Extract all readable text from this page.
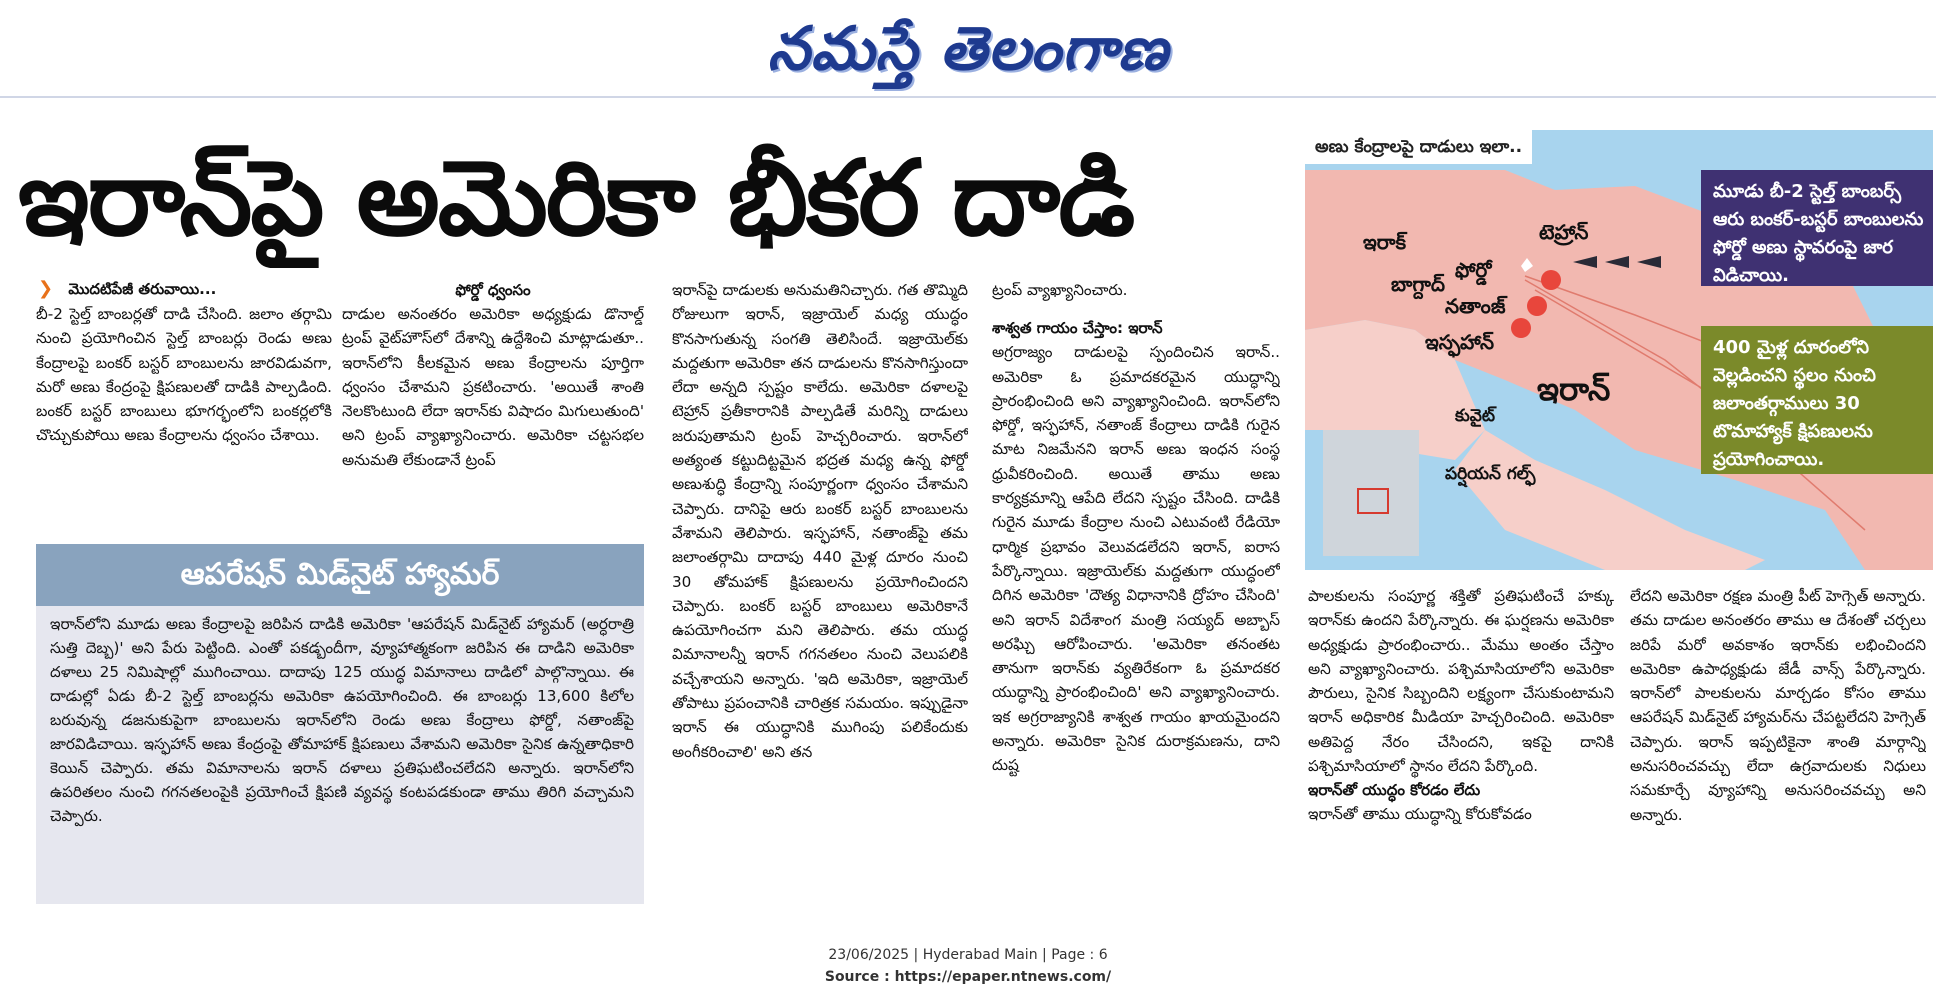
నమస్తే తెలంగాణ
ఇరాన్‌పై అమెరికా భీకర దాడి
❯ మొదటిపేజీ తరువాయి...

బీ-2 స్టెల్త్ బాంబర్లతో దాడి చేసింది. జలాం తర్గామి నుంచి ప్రయోగించిన స్టెల్త్ బాంబర్లు రెండు అణు కేంద్రాలపై బంకర్ బస్టర్ బాంబులను జారవిడువగా, మరో అణు కేంద్రంపై క్షిపణులతో దాడికి పాల్పడింది. బంకర్ బస్టర్ బాంబులు భూగర్భంలోని బంకర్లలోకి చొచ్చుకుపోయి అణు కేంద్రాలను ధ్వంసం చేశాయి.

ఫోర్డో ధ్వంసం

దాడుల అనంతరం అమెరికా అధ్యక్షుడు డొనాల్డ్ ట్రంప్ వైట్‌హౌస్‌లో దేశాన్ని ఉద్దేశించి మాట్లాడుతూ.. ఇరాన్‌లోని కీలకమైన అణు కేంద్రాలను పూర్తిగా ధ్వంసం చేశామని ప్రకటించారు. 'అయితే శాంతి నెలకొంటుంది లేదా ఇరాన్‌కు విషాదం మిగులుతుంది' అని ట్రంప్ వ్యాఖ్యానించారు. అమెరికా చట్టసభల అనుమతి లేకుండానే ట్రంప్

ఆపరేషన్ మిడ్‌నైట్ హ్యామర్
ఇరాన్‌లోని మూడు అణు కేంద్రాలపై జరిపిన దాడికి అమెరికా 'ఆపరేషన్ మిడ్‌నైట్ హ్యామర్ (అర్ధరాత్రి సుత్తి దెబ్బ)' అని పేరు పెట్టింది. ఎంతో పకడ్బందీగా, వ్యూహాత్మకంగా జరిపిన ఈ దాడిని అమెరికా దళాలు 25 నిమిషాల్లో ముగించాయి. దాదాపు 125 యుద్ధ విమానాలు దాడిలో పాల్గొన్నాయి. ఈ దాడుల్లో ఏడు బీ-2 స్టెల్త్ బాంబర్లను అమెరికా ఉపయోగించింది. ఈ బాంబర్లు 13,600 కిలోల బరువున్న డజనుకుపైగా బాంబులను ఇరాన్‌లోని రెండు అణు కేంద్రాలు ఫోర్డో, నతాంజ్‌పై జారవిడిచాయి. ఇస్ఫహాన్ అణు కేంద్రంపై తోమాహాక్ క్షిపణులు వేశామని అమెరికా సైనిక ఉన్నతాధికారి కెయిన్ చెప్పారు. తమ విమానాలను ఇరాన్ దళాలు ప్రతిఘటించలేదని అన్నారు. ఇరాన్‌లోని ఉపరితలం నుంచి గగనతలంపైకి ప్రయోగించే క్షిపణి వ్యవస్థ కంటపడకుండా తాము తిరిగి వచ్చామని చెప్పారు.

ఇరాన్‌పై దాడులకు అనుమతినిచ్చారు. గత తొమ్మిది రోజులుగా ఇరాన్, ఇజ్రాయెల్ మధ్య యుద్ధం కొనసాగుతున్న సంగతి తెలిసిందే. ఇజ్రాయెల్‌కు మద్దతుగా అమెరికా తన దాడులను కొనసాగిస్తుందా లేదా అన్నది స్పష్టం కాలేదు. అమెరికా దళాలపై టెహ్రాన్ ప్రతీకారానికి పాల్పడితే మరిన్ని దాడులు జరుపుతామని ట్రంప్ హెచ్చరించారు. ఇరాన్‌లో అత్యంత కట్టుదిట్టమైన భద్రత మధ్య ఉన్న ఫోర్డో అణుశుద్ధి కేంద్రాన్ని సంపూర్ణంగా ధ్వంసం చేశామని చెప్పారు. దానిపై ఆరు బంకర్ బస్టర్ బాంబులను వేశామని తెలిపారు. ఇస్ఫహాన్, నతాంజ్‌పై తమ జలాంతర్గామి దాదాపు 440 మైళ్ల దూరం నుంచి 30 తోమహాక్ క్షిపణులను ప్రయోగించిందని చెప్పారు. బంకర్ బస్టర్ బాంబులు అమెరికానే ఉపయోగించగా మని తెలిపారు. తమ యుద్ధ విమానాలన్నీ ఇరాన్ గగనతలం నుంచి వెలుపలికి వచ్చేశాయని అన్నారు. 'ఇది అమెరికా, ఇజ్రాయెల్ తోపాటు ప్రపంచానికి చారిత్రక సమయం. ఇప్పుడైనా ఇరాన్ ఈ యుద్ధానికి ముగింపు పలికేందుకు అంగీకరించాలి' అని తన

ట్రంప్ వ్యాఖ్యానించారు.

శాశ్వత గాయం చేస్తాం: ఇరాన్

అగ్రరాజ్యం దాడులపై స్పందించిన ఇరాన్.. అమెరికా ఓ ప్రమాదకరమైన యుద్ధాన్ని ప్రారంభించింది అని వ్యాఖ్యానించింది. ఇరాన్‌లోని ఫోర్డో, ఇస్ఫహాన్, నతాంజ్ కేంద్రాలు దాడికి గురైన మాట నిజమేనని ఇరాన్ అణు ఇంధన సంస్థ ధ్రువీకరించింది. అయితే తాము అణు కార్యక్రమాన్ని ఆపేది లేదని స్పష్టం చేసింది. దాడికి గురైన మూడు కేంద్రాల నుంచి ఎటువంటి రేడియో ధార్మిక ప్రభావం వెలువడలేదని ఇరాన్, ఐరాస పేర్కొన్నాయి. ఇజ్రాయెల్‌కు మద్దతుగా యుద్ధంలో దిగిన అమెరికా 'దౌత్య విధానానికి ద్రోహం చేసింది' అని ఇరాన్ విదేశాంగ మంత్రి సయ్యద్ అబ్బాస్ అరఘ్చి ఆరోపించారు. 'అమెరికా తనంతట తానుగా ఇరాన్‌కు వ్యతిరేకంగా ఓ ప్రమాదకర యుద్ధాన్ని ప్రారంభించింది' అని వ్యాఖ్యానించారు. ఇక అగ్రరాజ్యానికి శాశ్వత గాయం ఖాయమైందని అన్నారు. అమెరికా సైనిక దురాక్రమణను, దాని దుష్ట

అణు కేంద్రాలపై దాడులు ఇలా..
ఇరాక్
బాగ్దాద్
టెహ్రాన్
ఫోర్డో
నతాంజ్
ఇస్ఫహాన్
ఇరాన్
కువైట్
పర్షియన్ గల్ఫ్
మూడు బీ-2 స్టెల్త్ బాంబర్స్ ఆరు బంకర్-బస్టర్ బాంబులను ఫోర్డో అణు స్థావరంపై జార విడిచాయి.
400 మైళ్ల దూరంలోని వెల్లడించని స్థలం నుంచి జలాంతర్గాములు 30 టొమాహ్యాక్ క్షిపణులను ప్రయోగించాయి.

పాలకులను సంపూర్ణ శక్తితో ప్రతిఘటించే హక్కు ఇరాన్‌కు ఉందని పేర్కొన్నారు. ఈ ఘర్షణను అమెరికా అధ్యక్షుడు ప్రారంభించారు.. మేము అంతం చేస్తాం అని వ్యాఖ్యానించారు. పశ్చిమాసియాలోని అమెరికా పౌరులు, సైనిక సిబ్బందిని లక్ష్యంగా చేసుకుంటామని ఇరాన్ అధికారిక మీడియా హెచ్చరించింది. అమెరికా అతిపెద్ద నేరం చేసిందని, ఇకపై దానికి పశ్చిమాసియాలో స్థానం లేదని పేర్కొంది.

ఇరాన్‌తో యుద్ధం కోరడం లేదు

ఇరాన్‌తో తాము యుద్ధాన్ని కోరుకోవడం

లేదని అమెరికా రక్షణ మంత్రి పీట్ హెగ్సెత్ అన్నారు. తమ దాడుల అనంతరం తాము ఆ దేశంతో చర్చలు జరిపే మరో అవకాశం ఇరాన్‌కు లభించిందని అమెరికా ఉపాధ్యక్షుడు జేడీ వాన్స్ పేర్కొన్నారు. ఇరాన్‌లో పాలకులను మార్చడం కోసం తాము ఆపరేషన్ మిడ్‌నైట్ హ్యామర్‌ను చేపట్టలేదని హెగ్సెత్ చెప్పారు. ఇరాన్ ఇప్పటికైనా శాంతి మార్గాన్ని అనుసరించవచ్చు లేదా ఉగ్రవాదులకు నిధులు సమకూర్చే వ్యూహాన్ని అనుసరించవచ్చు అని అన్నారు.

23/06/2025 | Hyderabad Main | Page : 6
Source : https://epaper.ntnews.com/
